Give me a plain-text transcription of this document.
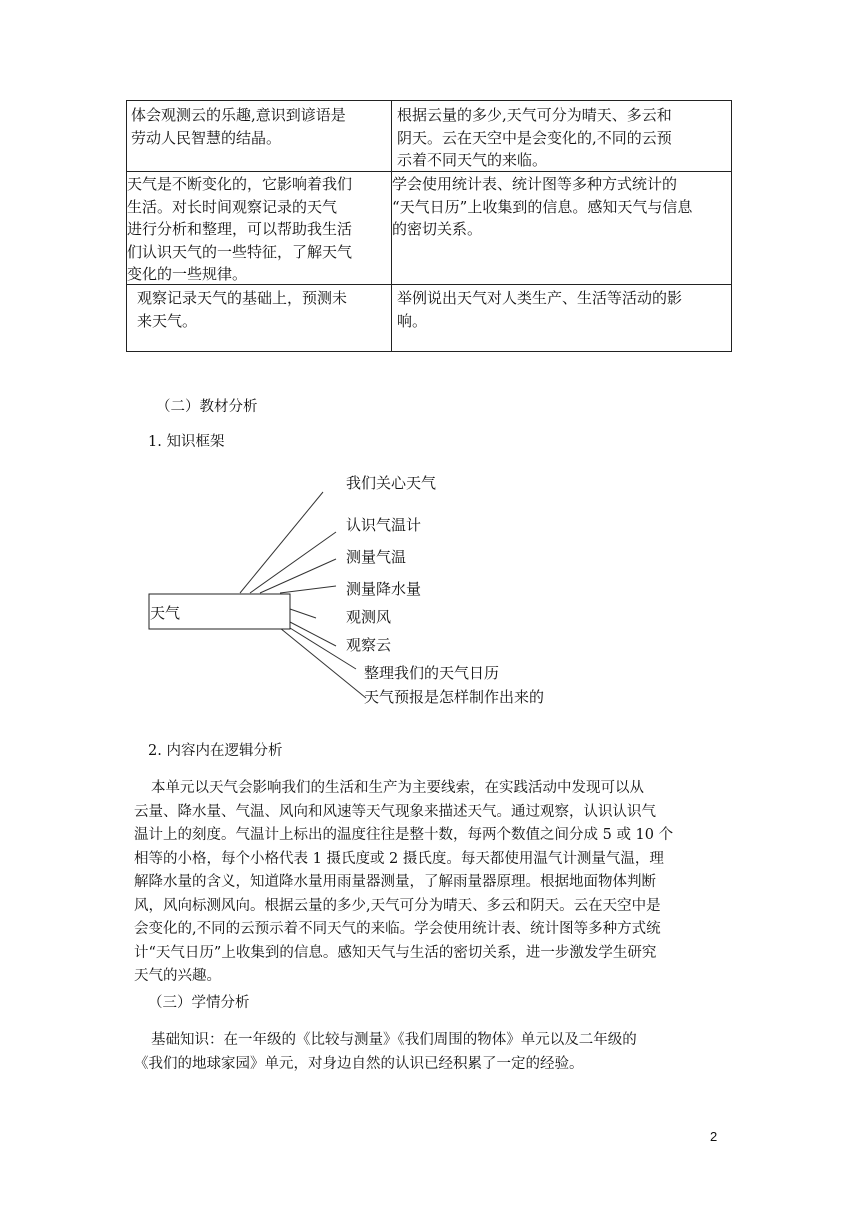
体会观测云的乐趣,意识到谚语是
劳动人民智慧的结晶。
根据云量的多少,天气可分为晴天、多云和
阴天。云在天空中是会变化的,不同的云预
示着不同天气的来临。
天气是不断变化的，它影响着我们
生活。对长时间观察记录的天气
进行分析和整理，可以帮助我生活
们认识天气的一些特征，了解天气
变化的一些规律。
学会使用统计表、统计图等多种方式统计的
“天气日历”上收集到的信息。感知天气与信息
的密切关系。
观察记录天气的基础上，预测未
来天气。
举例说出天气对人类生产、生活等活动的影
响。
（二）教材分析
1. 知识框架
天气
我们关心天气
认识气温计
测量气温
测量降水量
观测风
观察云
整理我们的天气日历
天气预报是怎样制作出来的
2. 内容内在逻辑分析
本单元以天气会影响我们的生活和生产为主要线索，在实践活动中发现可以从
云量、降水量、气温、风向和风速等天气现象来描述天气。通过观察，认识认识气
温计上的刻度。气温计上标出的温度往往是整十数，每两个数值之间分成 5 或 10 个
相等的小格，每个小格代表 1 摄氏度或 2 摄氏度。每天都使用温气计测量气温，理
解降水量的含义，知道降水量用雨量器测量，了解雨量器原理。根据地面物体判断
风，风向标测风向。根据云量的多少,天气可分为晴天、多云和阴天。云在天空中是
会变化的,不同的云预示着不同天气的来临。学会使用统计表、统计图等多种方式统
计“天气日历”上收集到的信息。感知天气与生活的密切关系，进一步激发学生研究
天气的兴趣。
（三）学情分析
基础知识：在一年级的《比较与测量》《我们周围的物体》单元以及二年级的
《我们的地球家园》单元，对身边自然的认识已经积累了一定的经验。
2
